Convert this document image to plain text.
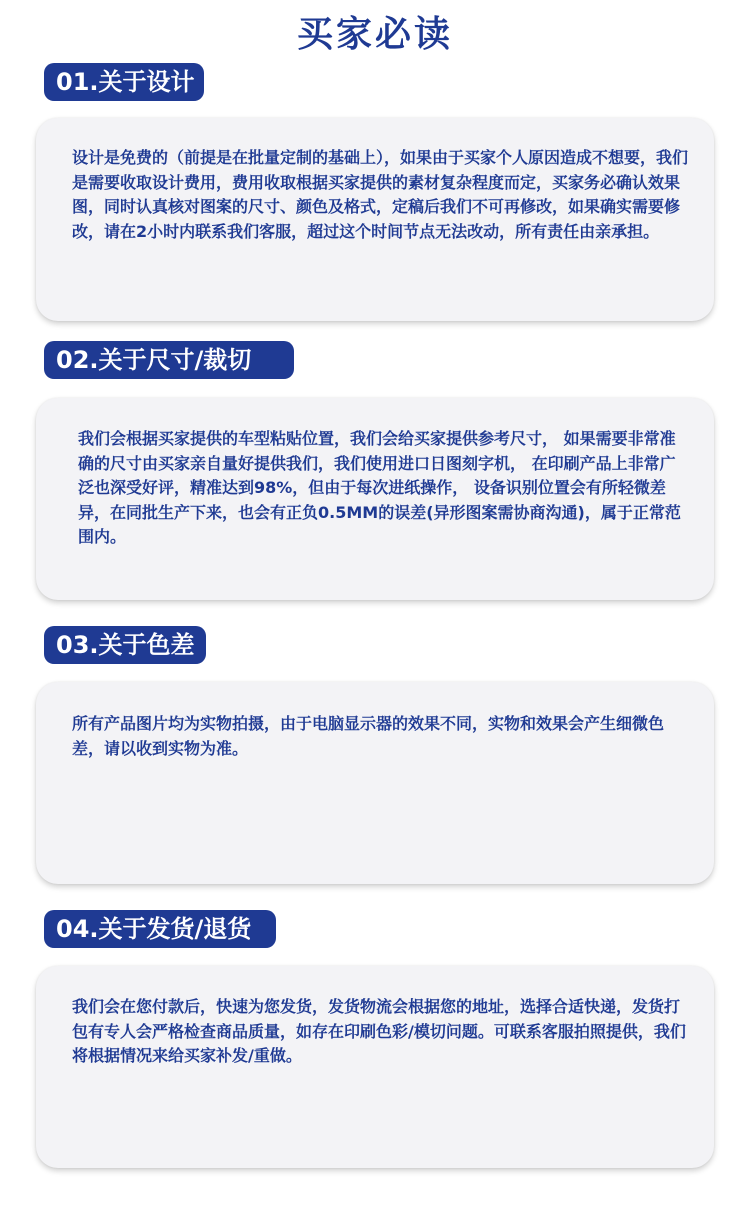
买家必读
01.关于设计

设计是免费的（前提是在批量定制的基础上），如果由于买家个人原因造成不想要，我们是需要收取设计费用，费用收取根据买家提供的素材复杂程度而定，买家务必确认效果图，同时认真核对图案的尺寸、颜色及格式，定稿后我们不可再修改，如果确实需要修改，请在2小时内联系我们客服，超过这个时间节点无法改动，所有责任由亲承担。

02.关于尺寸/裁切

我们会根据买家提供的车型粘贴位置，我们会给买家提供参考尺寸， 如果需要非常准确的尺寸由买家亲自量好提供我们，我们使用进口日图刻字机， 在印刷产品上非常广泛也深受好评，精准达到98%，但由于每次进纸操作， 设备识别位置会有所轻微差异，在同批生产下来，也会有正负0.5MM的误差(异形图案需协商沟通)，属于正常范围内。

03.关于色差

所有产品图片均为实物拍摄，由于电脑显示器的效果不同，实物和效果会产生细微色差，请以收到实物为准。

04.关于发货/退货

我们会在您付款后，快速为您发货，发货物流会根据您的地址，选择合适快递，发货打包有专人会严格检查商品质量，如存在印刷色彩/模切问题。可联系客服拍照提供，我们将根据情况来给买家补发/重做。
